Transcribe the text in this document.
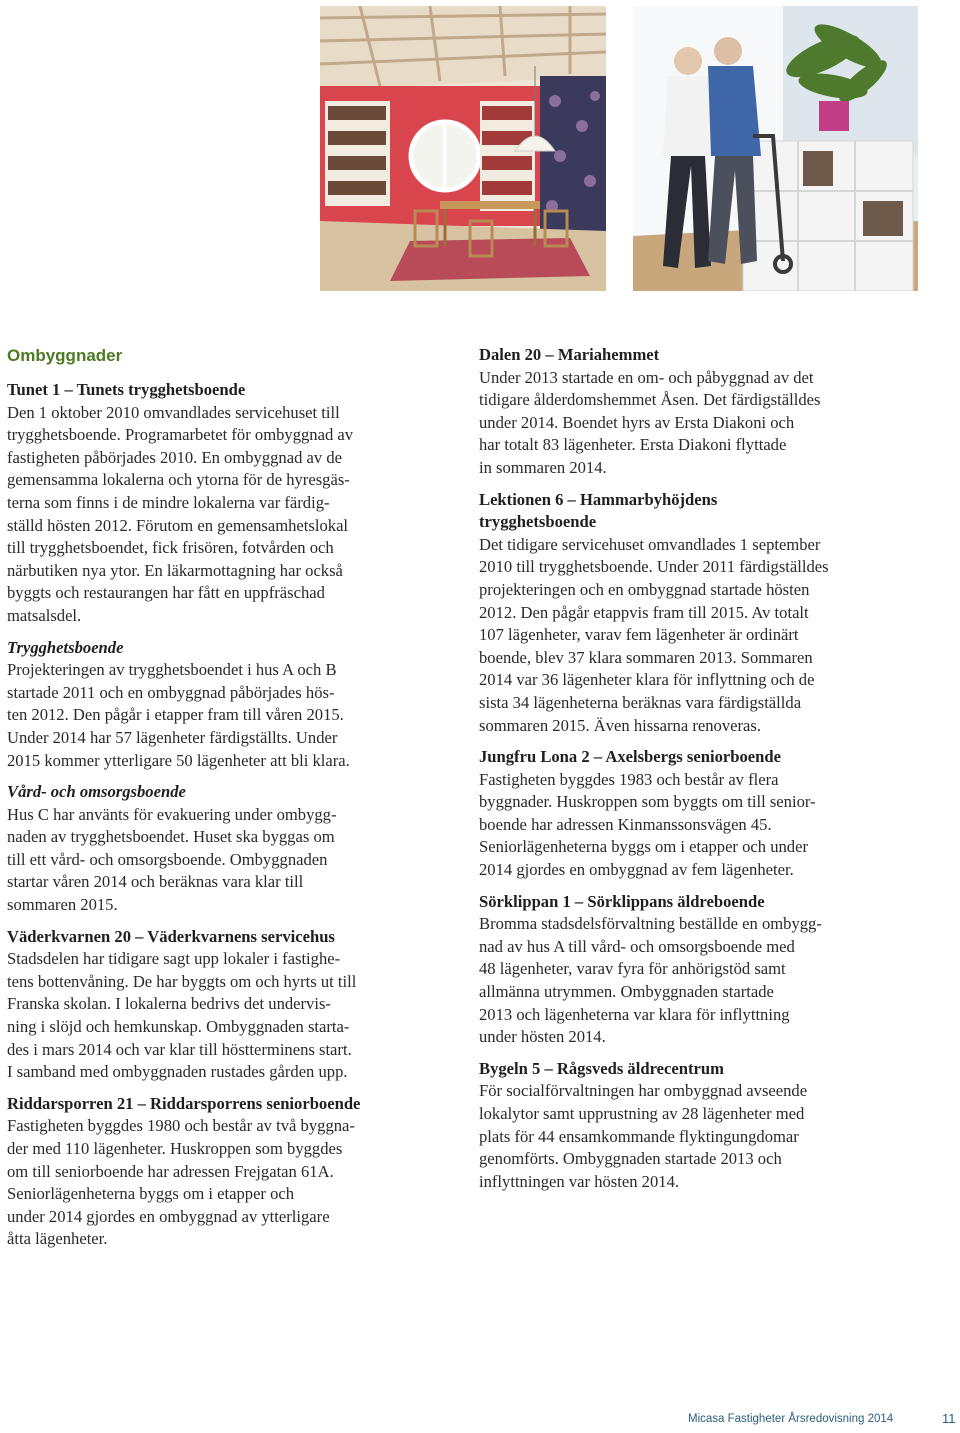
Ombyggnader
Tunet 1 – Tunets trygghetsboende
Den 1 oktober 2010 omvandlades servicehuset till
trygghetsboende. Programarbetet för ombyggnad av
fastigheten påbörjades 2010. En ombyggnad av de
gemensamma lokalerna och ytorna för de hyresgäs-
terna som finns i de mindre lokalerna var färdig-
ställd hösten 2012. Förutom en gemensamhetslokal
till trygghetsboendet, fick frisören, fotvården och
närbutiken nya ytor. En läkarmottagning har också
byggts och restaurangen har fått en uppfräschad
matsalsdel.
Trygghetsboende
Projekteringen av trygghetsboendet i hus A och B
startade 2011 och en ombyggnad påbörjades hös-
ten 2012. Den pågår i etapper fram till våren 2015.
Under 2014 har 57 lägenheter färdigställts. Under
2015 kommer ytterligare 50 lägenheter att bli klara.
Vård- och omsorgsboende
Hus C har använts för evakuering under ombygg-
naden av trygghetsboendet. Huset ska byggas om
till ett vård- och omsorgsboende. Ombyggnaden
startar våren 2014 och beräknas vara klar till
sommaren 2015.
Väderkvarnen 20 – Väderkvarnens servicehus
Stadsdelen har tidigare sagt upp lokaler i fastighe-
tens bottenvåning. De har byggts om och hyrts ut till
Franska skolan. I lokalerna bedrivs det undervis-
ning i slöjd och hemkunskap. Ombyggnaden starta-
des i mars 2014 och var klar till höstterminens start.
I samband med ombyggnaden rustades gården upp.
Riddarsporren 21 – Riddarsporrens seniorboende
Fastigheten byggdes 1980 och består av två byggna-
der med 110 lägenheter. Huskroppen som byggdes
om till seniorboende har adressen Frejgatan 61A.
Seniorlägenheterna byggs om i etapper och
under 2014 gjordes en ombyggnad av ytterligare
åtta lägenheter.
Dalen 20 – Mariahemmet
Under 2013 startade en om- och påbyggnad av det
tidigare ålderdomshemmet Åsen. Det färdigställdes
under 2014. Boendet hyrs av Ersta Diakoni och
har totalt 83 lägenheter. Ersta Diakoni flyttade
in sommaren 2014.
Lektionen 6 – Hammarbyhöjdens
trygghetsboende
Det tidigare servicehuset omvandlades 1 september
2010 till trygghetsboende. Under 2011 färdigställdes
projekteringen och en ombyggnad startade hösten
2012. Den pågår etappvis fram till 2015. Av totalt
107 lägenheter, varav fem lägenheter är ordinärt
boende, blev 37 klara sommaren 2013. Sommaren
2014 var 36 lägenheter klara för inflyttning och de
sista 34 lägenheterna beräknas vara färdigställda
sommaren 2015. Även hissarna renoveras.
Jungfru Lona 2 – Axelsbergs seniorboende
Fastigheten byggdes 1983 och består av flera
byggnader. Huskroppen som byggts om till senior-
boende har adressen Kinmanssonsvägen 45.
Seniorlägenheterna byggs om i etapper och under
2014 gjordes en ombyggnad av fem lägenheter.
Sörklippan 1 – Sörklippans äldreboende
Bromma stadsdelsförvaltning beställde en ombygg-
nad av hus A till vård- och omsorgsboende med
48 lägenheter, varav fyra för anhörigstöd samt
allmänna utrymmen. Ombyggnaden startade
2013 och lägenheterna var klara för inflyttning
under hösten 2014.
Bygeln 5 – Rågsveds äldrecentrum
För socialförvaltningen har ombyggnad avseende
lokalytor samt upprustning av 28 lägenheter med
plats för 44 ensamkommande flyktingungdomar
genomförts. Ombyggnaden startade 2013 och
inflyttningen var hösten 2014.
Micasa Fastigheter Årsredovisning 2014	11
